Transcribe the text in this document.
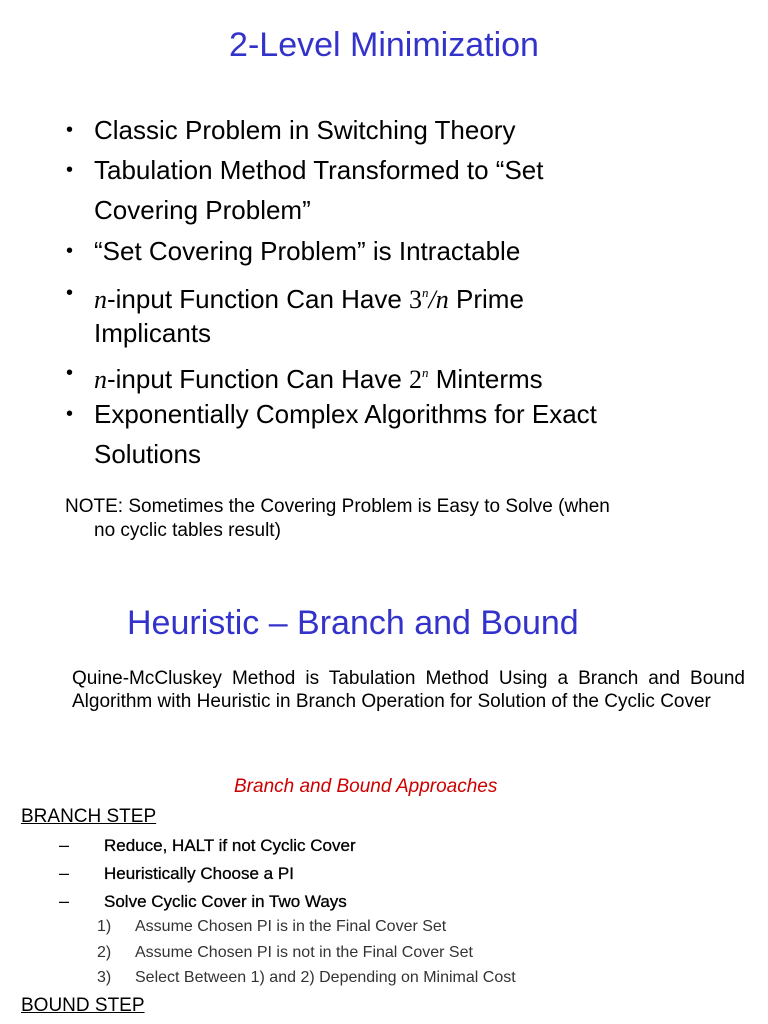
2-Level Minimization
• Classic Problem in Switching Theory
• Tabulation Method Transformed to “Set
Covering Problem”
• “Set Covering Problem” is Intractable
• n-input Function Can Have 3$^n$/n Prime
Implicants
• n-input Function Can Have 2$^n$ Minterms
• Exponentially Complex Algorithms for Exact
Solutions
NOTE: Sometimes the Covering Problem is Easy to Solve (when
no cyclic tables result)
Heuristic – Branch and Bound
Quine-McCluskey Method is Tabulation Method Using a Branch and Bound Algorithm with Heuristic in Branch Operation for Solution of the Cyclic Cover
Branch and Bound Approaches
BRANCH STEP
– Reduce, HALT if not Cyclic Cover
– Heuristically Choose a PI
– Solve Cyclic Cover in Two Ways
1) Assume Chosen PI is in the Final Cover Set
2) Assume Chosen PI is not in the Final Cover Set
3) Select Between 1) and 2) Depending on Minimal Cost
BOUND STEP
